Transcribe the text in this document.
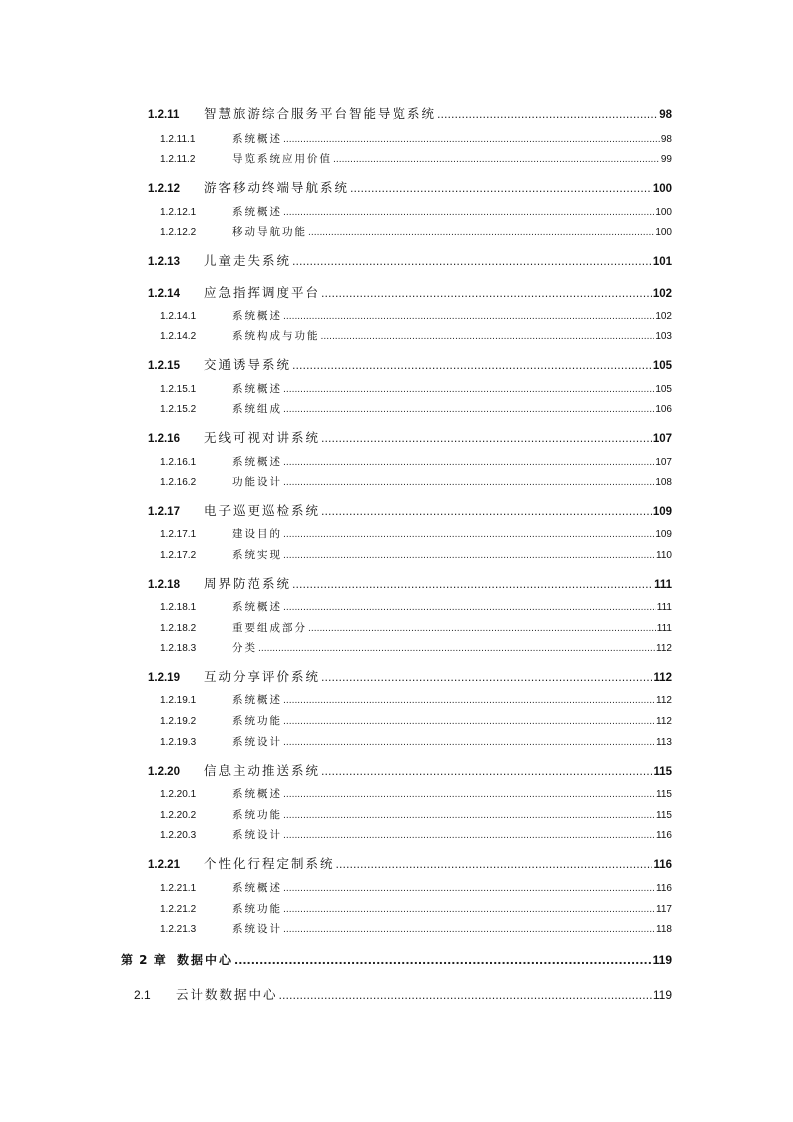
1.2.11	智慧旅游综合服务平台智能导览系统 .....	98
1.2.11.1	系统概述 .....	98
1.2.11.2	导览系统应用价值 .....	99
1.2.12	游客移动终端导航系统 .....	100
1.2.12.1	系统概述 .....	100
1.2.12.2	移动导航功能 .....	100
1.2.13	儿童走失系统 .....	101
1.2.14	应急指挥调度平台 .....	102
1.2.14.1	系统概述 .....	102
1.2.14.2	系统构成与功能 .....	103
1.2.15	交通诱导系统 .....	105
1.2.15.1	系统概述 .....	105
1.2.15.2	系统组成 .....	106
1.2.16	无线可视对讲系统 .....	107
1.2.16.1	系统概述 .....	107
1.2.16.2	功能设计 .....	108
1.2.17	电子巡更巡检系统 .....	109
1.2.17.1	建设目的 .....	109
1.2.17.2	系统实现 .....	110
1.2.18	周界防范系统 .....	111
1.2.18.1	系统概述 .....	111
1.2.18.2	重要组成部分 .....	111
1.2.18.3	分类 .....	112
1.2.19	互动分享评价系统 .....	112
1.2.19.1	系统概述 .....	112
1.2.19.2	系统功能 .....	112
1.2.19.3	系统设计 .....	113
1.2.20	信息主动推送系统 .....	115
1.2.20.1	系统概述 .....	115
1.2.20.2	系统功能 .....	115
1.2.20.3	系统设计 .....	116
1.2.21	个性化行程定制系统 .....	116
1.2.21.1	系统概述 .....	116
1.2.21.2	系统功能 .....	117
1.2.21.3	系统设计 .....	118
第 2 章 数据中心 .....	119
2.1	云计数数据中心 .....	119
